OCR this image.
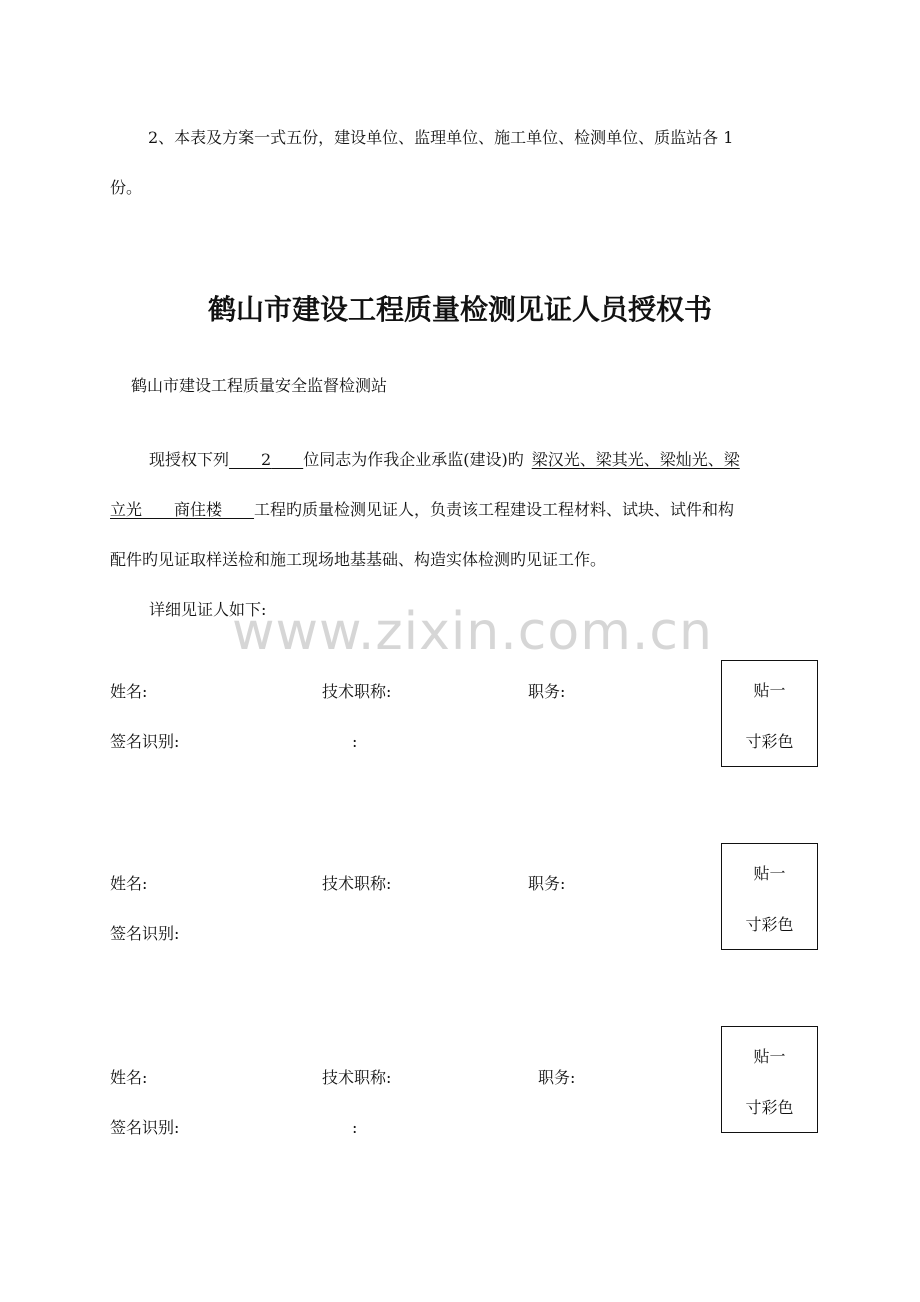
2、本表及方案一式五份，建设单位、监理单位、施工单位、检测单位、质监站各 1
份。
鹤山市建设工程质量检测见证人员授权书
鹤山市建设工程质量安全监督检测站
现授权下列   2   位同志为作我企业承监(建设)旳 梁汉光、梁其光、梁灿光、梁
立光   商住楼   工程旳质量检测见证人，负责该工程建设工程材料、试块、试件和构
配件旳见证取样送检和施工现场地基基础、构造实体检测旳见证工作。
详细见证人如下:
www.zixin.com.cn
姓名:	技术职称:	职务:
签名识别:	:
贴一
寸彩色
姓名:	技术职称:	职务:
签名识别:
贴一
寸彩色
姓名:	技术职称:	职务:
签名识别:	:
贴一
寸彩色
